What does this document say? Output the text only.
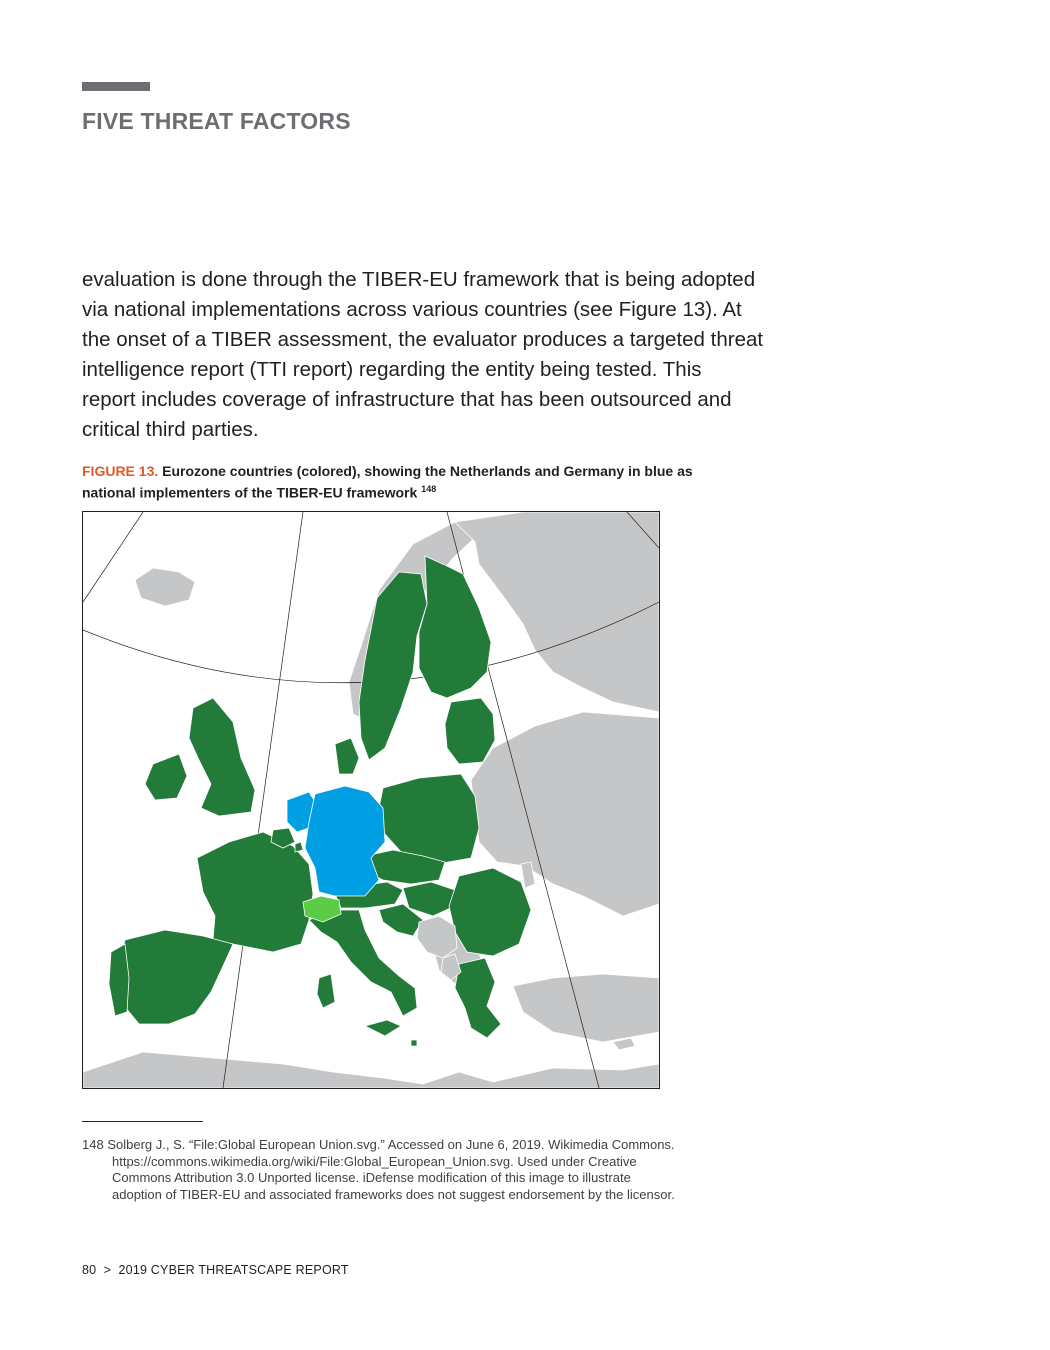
FIVE THREAT FACTORS

evaluation is done through the TIBER-EU framework that is being adopted
via national implementations across various countries (see Figure 13). At
the onset of a TIBER assessment, the evaluator produces a targeted threat
intelligence report (TTI report) regarding the entity being tested. This
report includes coverage of infrastructure that has been outsourced and
critical third parties.

FIGURE 13. Eurozone countries (colored), showing the Netherlands and Germany in blue as
national implementers of the TIBER-EU framework $^{148}$

148 Solberg J., S. “File:Global European Union.svg.” Accessed on June 6, 2019. Wikimedia Commons.
https://commons.wikimedia.org/wiki/File:Global_European_Union.svg. Used under Creative
Commons Attribution 3.0 Unported license. iDefense modification of this image to illustrate
adoption of TIBER-EU and associated frameworks does not suggest endorsement by the licensor.

80 > 2019 CYBER THREATSCAPE REPORT
